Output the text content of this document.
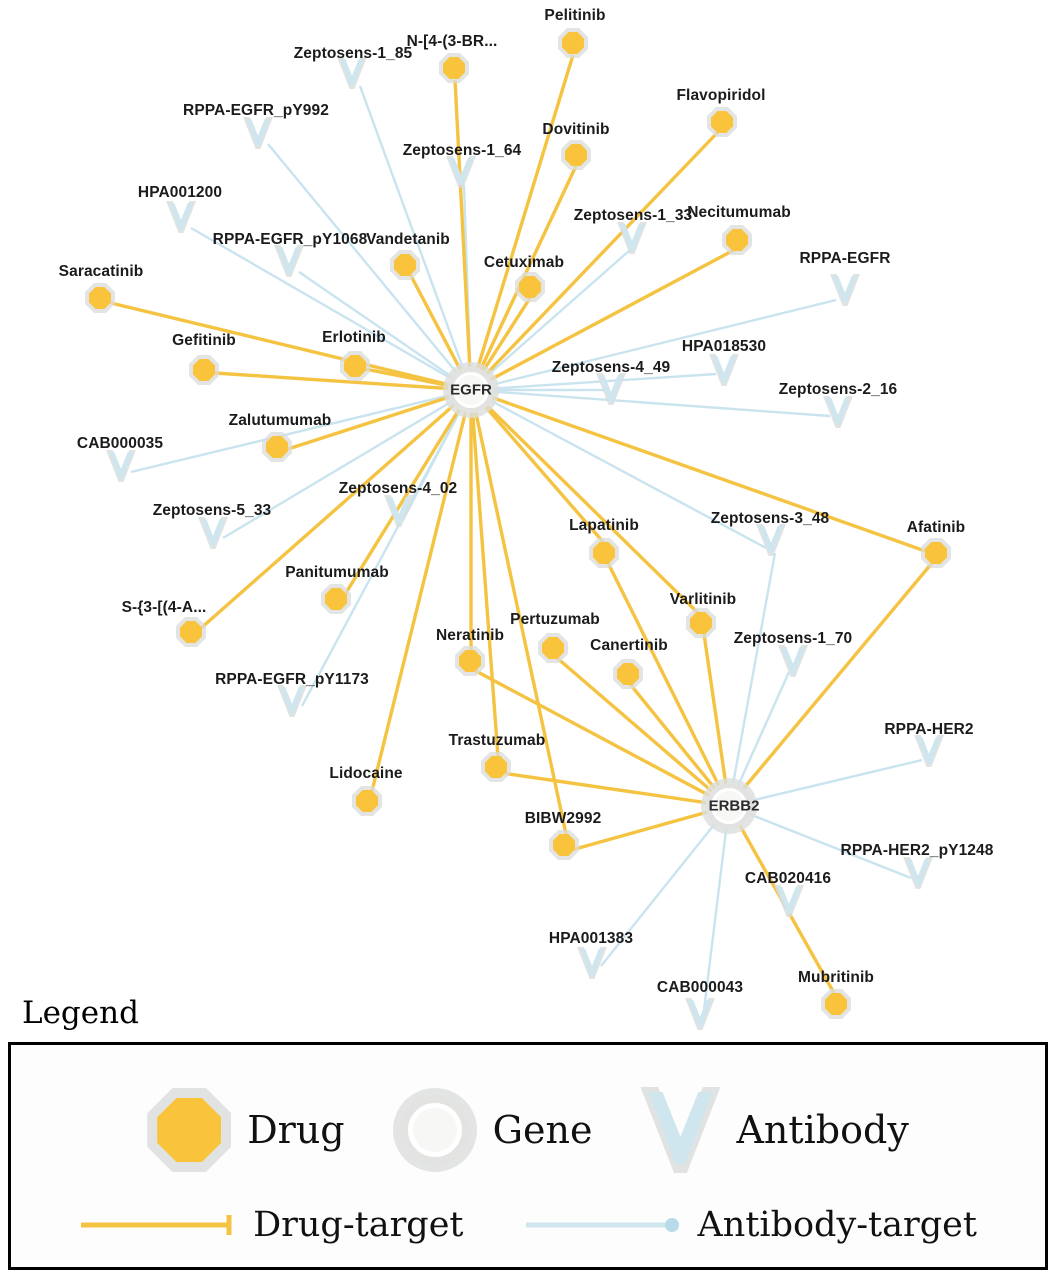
EGFR
ERBB2
Pelitinib
N-[4-(3-BR...
Flavopiridol
Dovitinib
Necitumumab
Vandetanib
Cetuximab
Saracatinib
Erlotinib
Gefitinib
Zalutumumab
Afatinib
Lapatinib
Varlitinib
Panitumumab
S-{3-[(4-A...
Pertuzumab
Neratinib
Canertinib
Trastuzumab
Lidocaine
BIBW2992
Mubritinib
Zeptosens-1_85
RPPA-EGFR_pY992
Zeptosens-1_64
HPA001200
Zeptosens-1_33
RPPA-EGFR_pY1068
RPPA-EGFR
HPA018530
Zeptosens-4_49
Zeptosens-2_16
CAB000035
Zeptosens-5_33
Zeptosens-4_02
Zeptosens-3_48
Zeptosens-1_70
RPPA-EGFR_pY1173
RPPA-HER2
RPPA-HER2_pY1248
CAB020416
HPA001383
CAB000043
Legend
Drug	Gene	Antibody
Drug-target	Antibody-target
